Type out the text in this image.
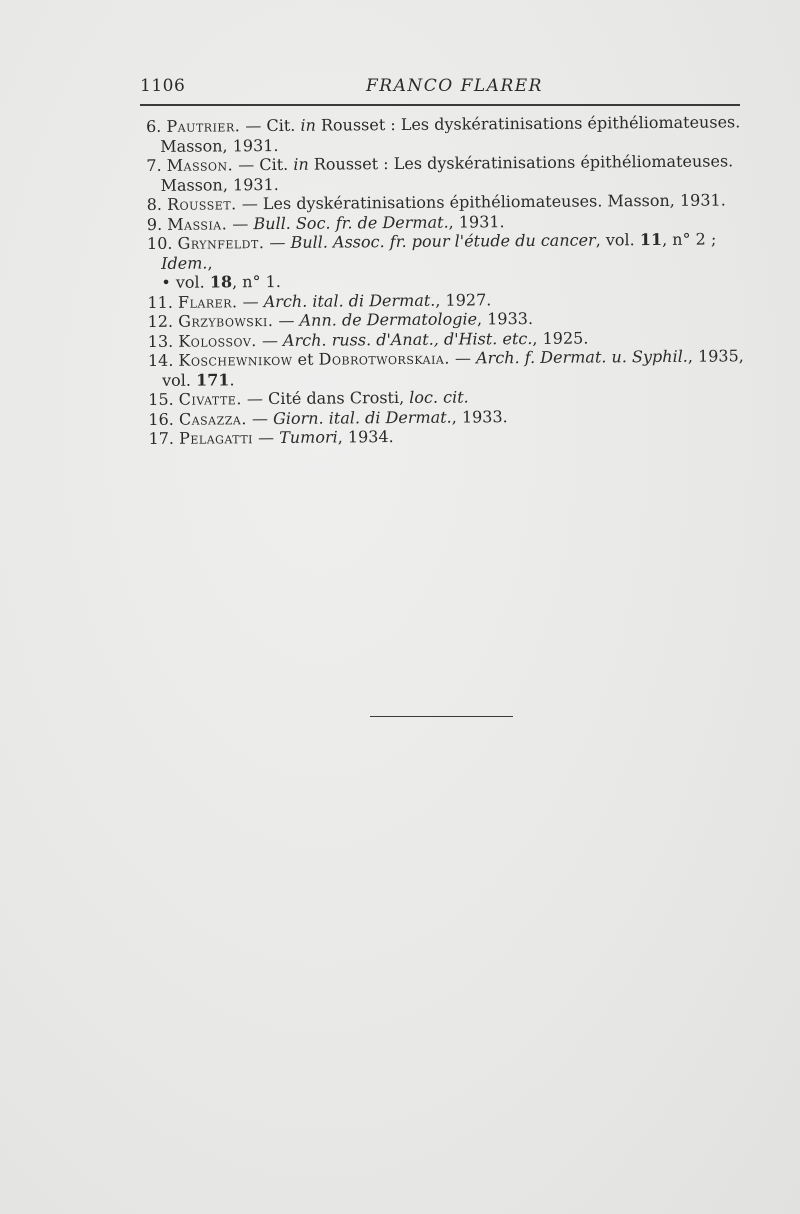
1106	FRANCO FLARER
6. Pautrier. — Cit. in Rousset : Les dyskératinisations épithéliomateuses.
Masson, 1931.
7. Masson. — Cit. in Rousset : Les dyskératinisations épithéliomateuses.
Masson, 1931.
8. Rousset. — Les dyskératinisations épithéliomateuses. Masson, 1931.
9. Massia. — Bull. Soc. fr. de Dermat., 1931.
10. Grynfeldt. — Bull. Assoc. fr. pour l'étude du cancer, vol. 11, n° 2 ; Idem.,
• vol. 18, n° 1.
11. Flarer. — Arch. ital. di Dermat., 1927.
12. Grzybowski. — Ann. de Dermatologie, 1933.
13. Kolossov. — Arch. russ. d'Anat., d'Hist. etc., 1925.
14. Koschewnikow et Dobrotworskaia. — Arch. f. Dermat. u. Syphil., 1935,
vol. 171.
15. Civatte. — Cité dans Crosti, loc. cit.
16. Casazza. — Giorn. ital. di Dermat., 1933.
17. Pelagatti — Tumori, 1934.
